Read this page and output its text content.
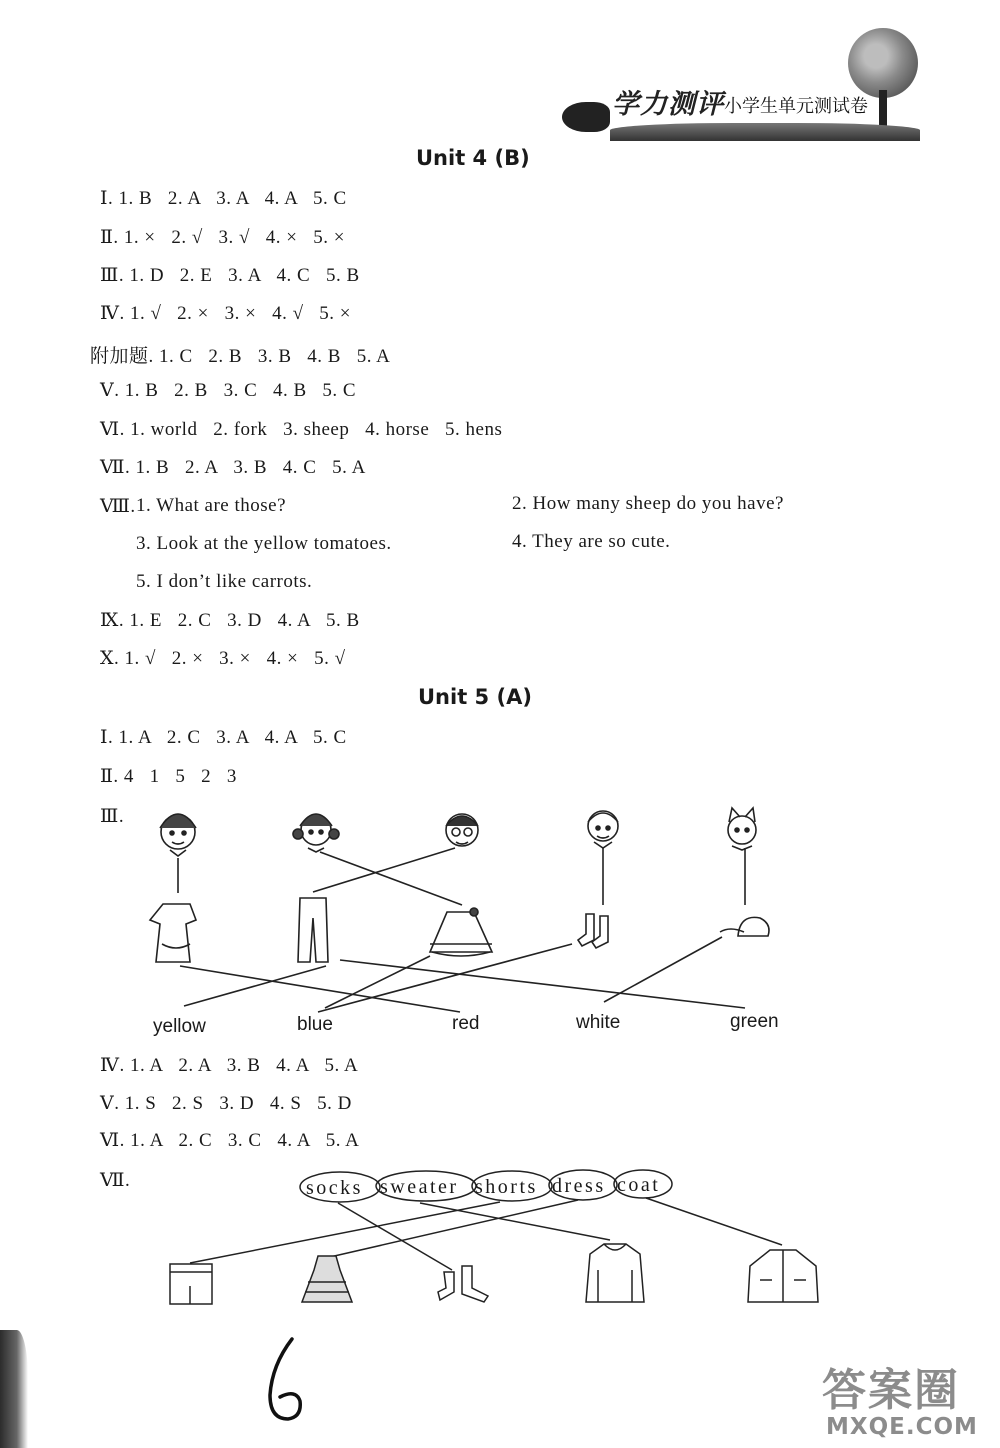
学力测评 小学生单元测试卷
Unit 4 (B)
Ⅰ. 1. B   2. A   3. A   4. A   5. C
Ⅱ. 1. ×   2. √   3. √   4. ×   5. ×
Ⅲ. 1. D   2. E   3. A   4. C   5. B
Ⅳ. 1. √   2. ×   3. ×   4. √   5. ×
附加题. 1. C   2. B   3. B   4. B   5. A
Ⅴ. 1. B   2. B   3. C   4. B   5. C
Ⅵ. 1. world   2. fork   3. sheep   4. horse   5. hens
Ⅶ. 1. B   2. A   3. B   4. C   5. A
Ⅷ. 1. What are those?	2. How many sheep do you have?
3. Look at the yellow tomatoes.	4. They are so cute.
5. I don’t like carrots.
Ⅸ. 1. E   2. C   3. D   4. A   5. B
Ⅹ. 1. √   2. ×   3. ×   4. ×   5. √
Unit 5 (A)
Ⅰ. 1. A   2. C   3. A   4. A   5. C
Ⅱ. 4   1   5   2   3
Ⅲ.
yellow	blue	red	white	green
Ⅳ. 1. A   2. A   3. B   4. A   5. A
Ⅴ. 1. S   2. S   3. D   4. S   5. D
Ⅵ. 1. A   2. C   3. C   4. A   5. A
Ⅶ.	socks sweater shorts dress coat
6
答案圈
MXQE.COM
